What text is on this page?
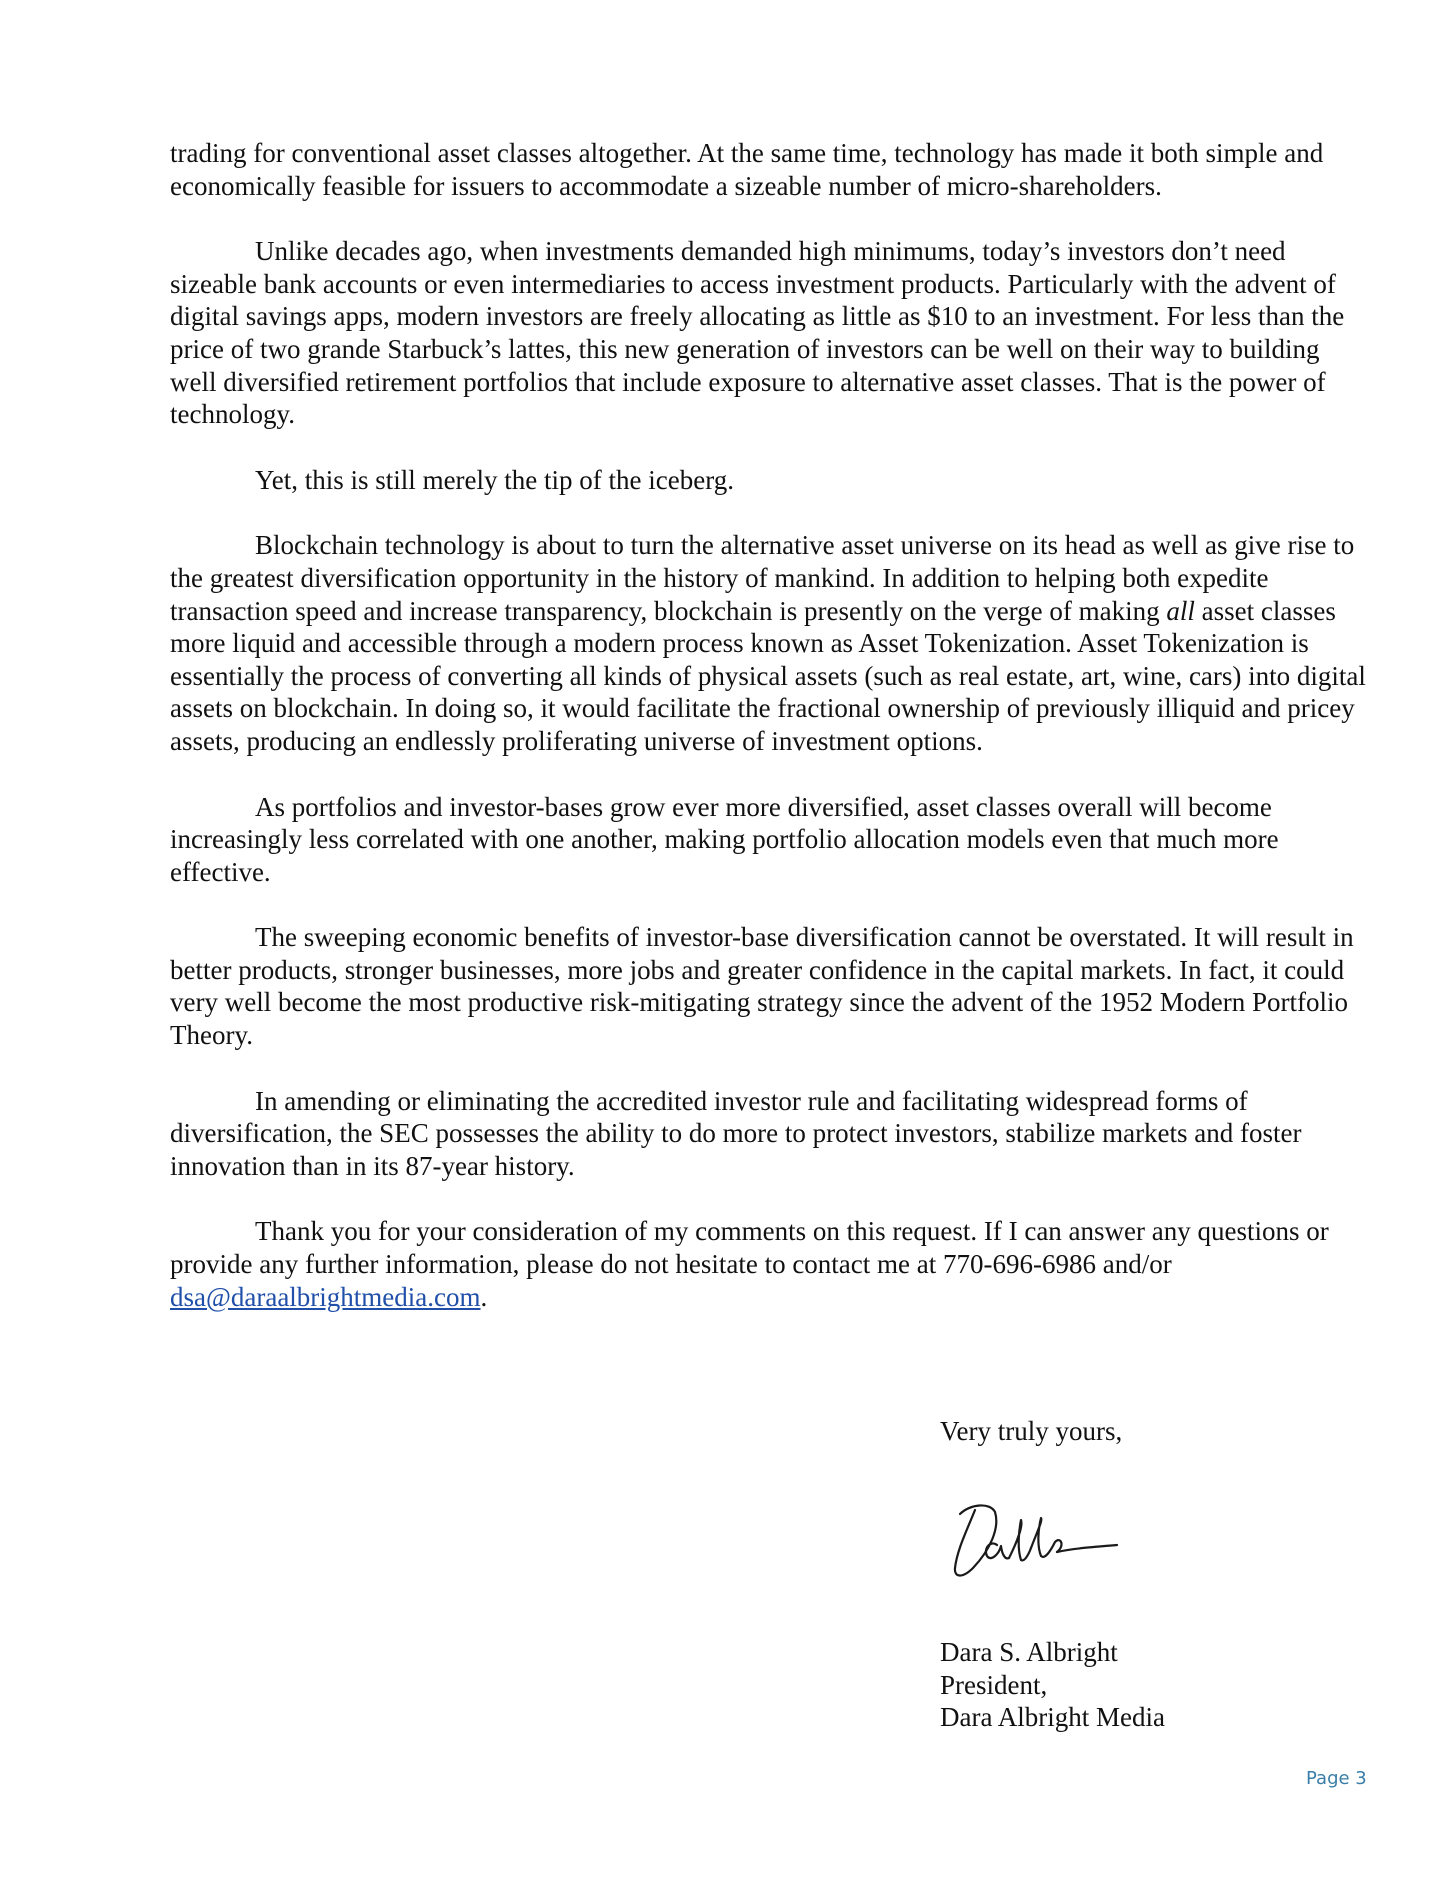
trading for conventional asset classes altogether. At the same time, technology has made it both simple and economically feasible for issuers to accommodate a sizeable number of micro-shareholders.

Unlike decades ago, when investments demanded high minimums, today’s investors don’t need sizeable bank accounts or even intermediaries to access investment products. Particularly with the advent of digital savings apps, modern investors are freely allocating as little as $10 to an investment. For less than the price of two grande Starbuck’s lattes, this new generation of investors can be well on their way to building well diversified retirement portfolios that include exposure to alternative asset classes. That is the power of technology.

Yet, this is still merely the tip of the iceberg.

Blockchain technology is about to turn the alternative asset universe on its head as well as give rise to the greatest diversification opportunity in the history of mankind. In addition to helping both expedite transaction speed and increase transparency, blockchain is presently on the verge of making all asset classes more liquid and accessible through a modern process known as Asset Tokenization. Asset Tokenization is essentially the process of converting all kinds of physical assets (such as real estate, art, wine, cars) into digital assets on blockchain. In doing so, it would facilitate the fractional ownership of previously illiquid and pricey assets, producing an endlessly proliferating universe of investment options.

As portfolios and investor-bases grow ever more diversified, asset classes overall will become increasingly less correlated with one another, making portfolio allocation models even that much more effective.

The sweeping economic benefits of investor-base diversification cannot be overstated. It will result in better products, stronger businesses, more jobs and greater confidence in the capital markets. In fact, it could very well become the most productive risk-mitigating strategy since the advent of the 1952 Modern Portfolio Theory.

In amending or eliminating the accredited investor rule and facilitating widespread forms of diversification, the SEC possesses the ability to do more to protect investors, stabilize markets and foster innovation than in its 87-year history.

Thank you for your consideration of my comments on this request. If I can answer any questions or provide any further information, please do not hesitate to contact me at 770-696-6986 and/or dsa@daraalbrightmedia.com.

Very truly yours,
Dara S. Albright
President,
Dara Albright Media
Page 3
